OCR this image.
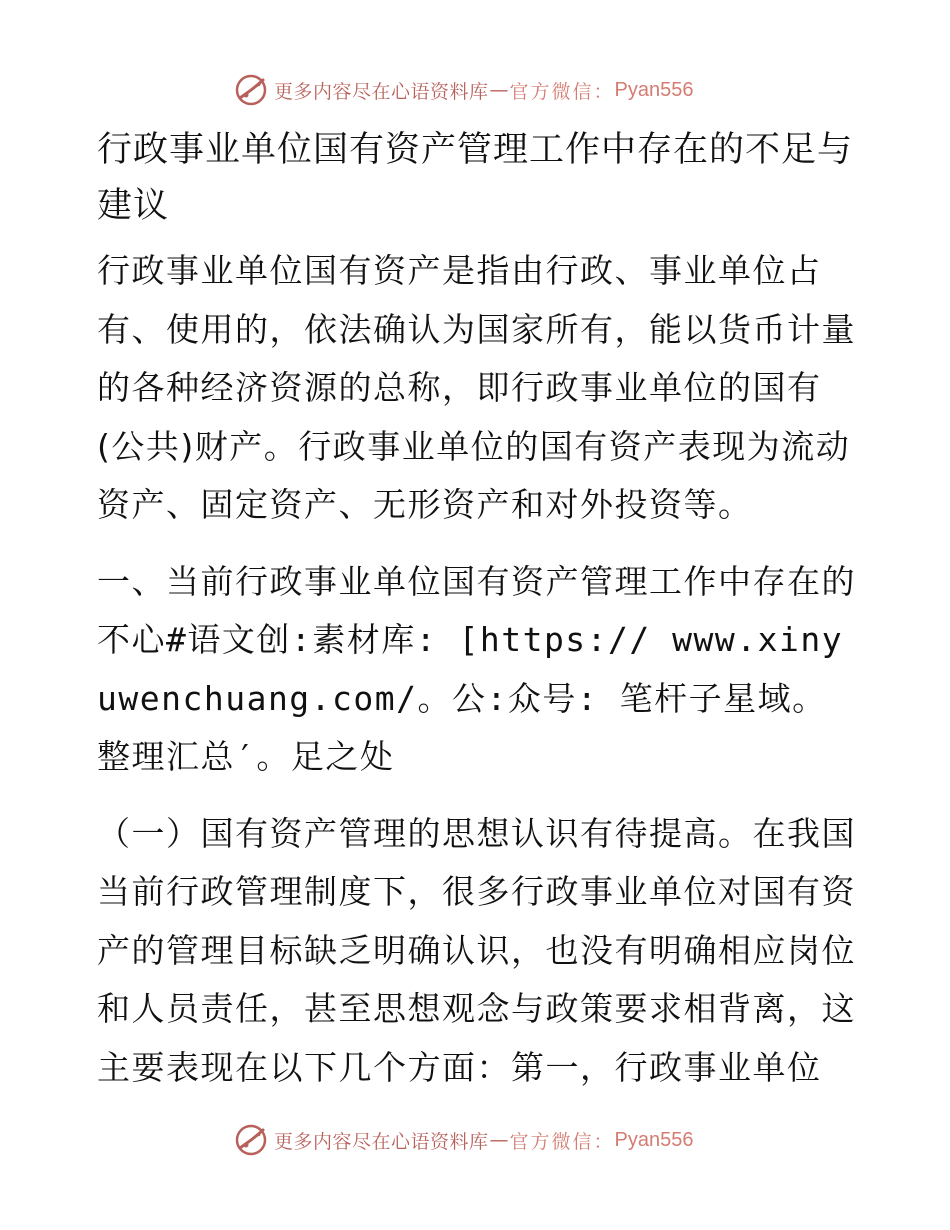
更多内容尽在心语资料库 — 官方微信： Pyan556
行政事业单位国有资产管理工作中存在的不足与建议

行政事业单位国有资产是指由行政、事业单位占有、使用的，依法确认为国家所有，能以货币计量的各种经济资源的总称，即行政事业单位的国有(公共)财产。行政事业单位的国有资产表现为流动资产、固定资产、无形资产和对外投资等。

一、当前行政事业单位国有资产管理工作中存在的不心#语文创:素材库: [https:// www.xinyuwenchuang.com/。公:众号: 笔杆子星域。整理汇总′。足之处

（一）国有资产管理的思想认识有待提高。在我国当前行政管理制度下，很多行政事业单位对国有资产的管理目标缺乏明确认识，也没有明确相应岗位和人员责任，甚至思想观念与政策要求相背离，这主要表现在以下几个方面：第一，行政事业单位

更多内容尽在心语资料库 — 官方微信： Pyan556
